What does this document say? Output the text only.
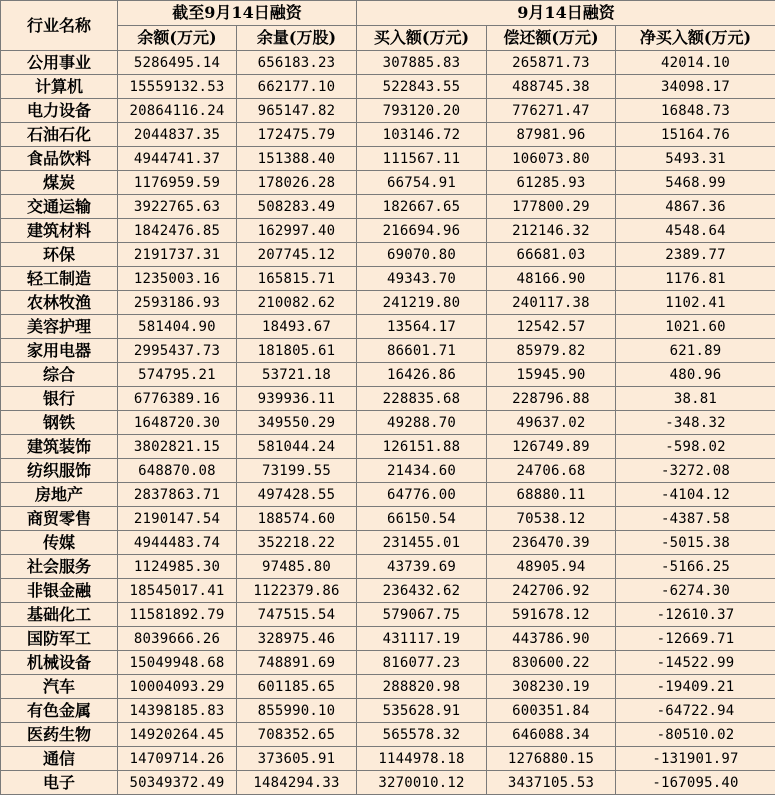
行业名称	截至9月14日融资		9月14日融资		
	余额(万元)	余量(万股)	买入额(万元)	偿还额(万元)	净买入额(万元)
公用事业	5286495.14	656183.23	307885.83	265871.73	42014.10
计算机	15559132.53	662177.10	522843.55	488745.38	34098.17
电力设备	20864116.24	965147.82	793120.20	776271.47	16848.73
石油石化	2044837.35	172475.79	103146.72	87981.96	15164.76
食品饮料	4944741.37	151388.40	111567.11	106073.80	5493.31
煤炭	1176959.59	178026.28	66754.91	61285.93	5468.99
交通运输	3922765.63	508283.49	182667.65	177800.29	4867.36
建筑材料	1842476.85	162997.40	216694.96	212146.32	4548.64
环保	2191737.31	207745.12	69070.80	66681.03	2389.77
轻工制造	1235003.16	165815.71	49343.70	48166.90	1176.81
农林牧渔	2593186.93	210082.62	241219.80	240117.38	1102.41
美容护理	581404.90	18493.67	13564.17	12542.57	1021.60
家用电器	2995437.73	181805.61	86601.71	85979.82	621.89
综合	574795.21	53721.18	16426.86	15945.90	480.96
银行	6776389.16	939936.11	228835.68	228796.88	38.81
钢铁	1648720.30	349550.29	49288.70	49637.02	-348.32
建筑装饰	3802821.15	581044.24	126151.88	126749.89	-598.02
纺织服饰	648870.08	73199.55	21434.60	24706.68	-3272.08
房地产	2837863.71	497428.55	64776.00	68880.11	-4104.12
商贸零售	2190147.54	188574.60	66150.54	70538.12	-4387.58
传媒	4944483.74	352218.22	231455.01	236470.39	-5015.38
社会服务	1124985.30	97485.80	43739.69	48905.94	-5166.25
非银金融	18545017.41	1122379.86	236432.62	242706.92	-6274.30
基础化工	11581892.79	747515.54	579067.75	591678.12	-12610.37
国防军工	8039666.26	328975.46	431117.19	443786.90	-12669.71
机械设备	15049948.68	748891.69	816077.23	830600.22	-14522.99
汽车	10004093.29	601185.65	288820.98	308230.19	-19409.21
有色金属	14398185.83	855990.10	535628.91	600351.84	-64722.94
医药生物	14920264.45	708352.65	565578.32	646088.34	-80510.02
通信	14709714.26	373605.91	1144978.18	1276880.15	-131901.97
电子	50349372.49	1484294.33	3270010.12	3437105.53	-167095.40
